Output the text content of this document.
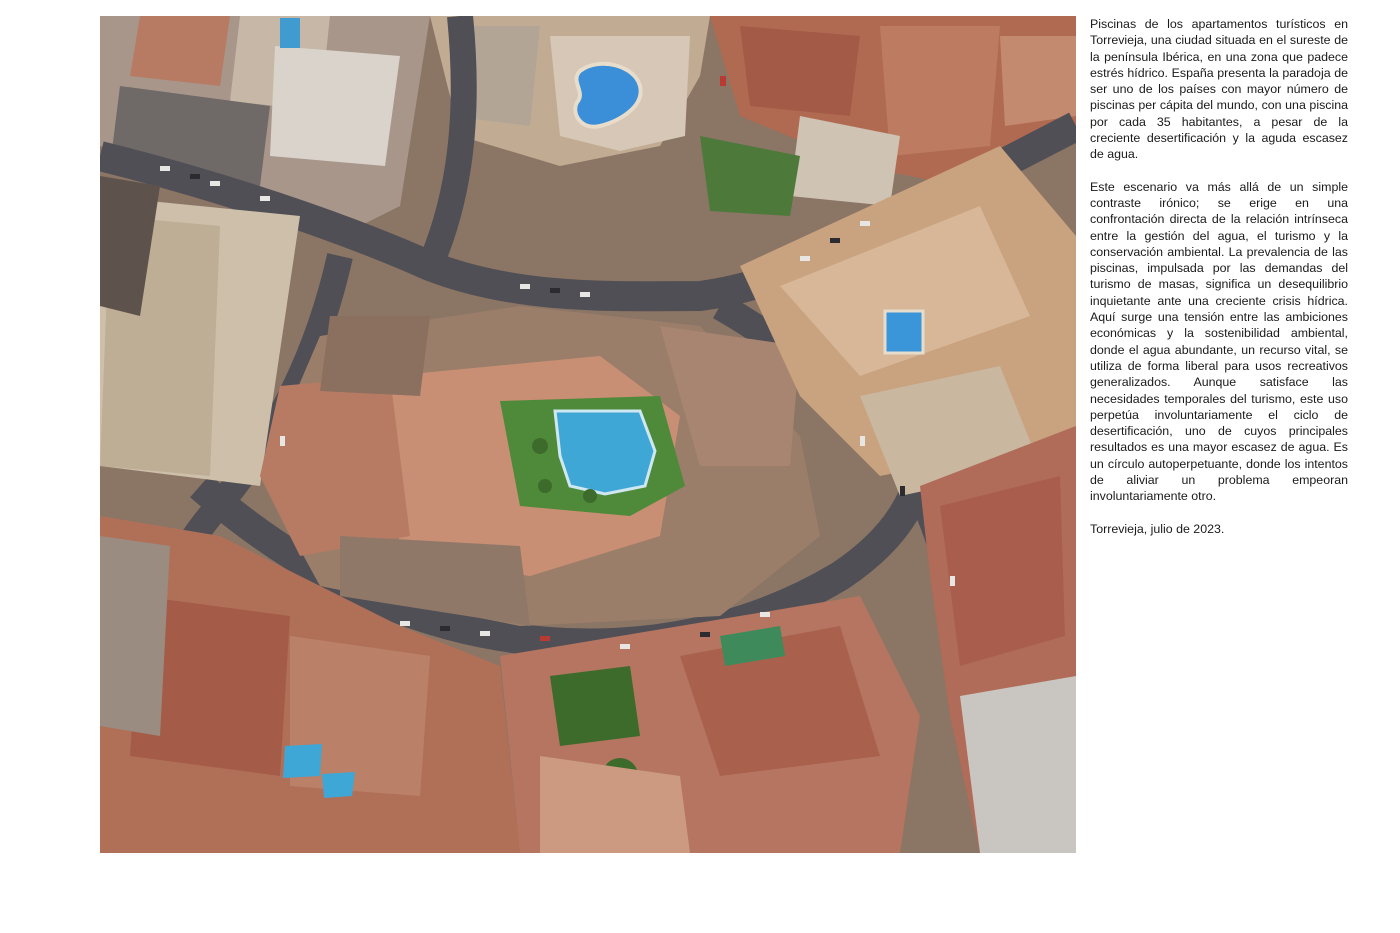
Piscinas de los apartamentos turísticos en Torrevieja, una ciudad situada en el sureste de la península Ibérica, en una zona que padece estrés hídrico. España presenta la paradoja de ser uno de los países con mayor número de piscinas per cápita del mundo, con una piscina por cada 35 habitantes, a pesar de la creciente desertificación y la aguda escasez de agua.

Este escenario va más allá de un simple contraste irónico; se erige en una confrontación directa de la relación intrínseca entre la gestión del agua, el turismo y la conservación ambiental. La prevalencia de las piscinas, impulsada por las demandas del turismo de masas, significa un desequilibrio inquietante ante una creciente crisis hídrica. Aquí surge una tensión entre las ambiciones económicas y la sostenibilidad ambiental, donde el agua abundante, un recurso vital, se utiliza de forma liberal para usos recreativos generalizados. Aunque satisface las necesidades temporales del turismo, este uso perpetúa involuntariamente el ciclo de desertificación, uno de cuyos principales resultados es una mayor escasez de agua. Es un círculo autoperpetuante, donde los intentos de aliviar un problema empeoran involuntariamente otro.

Torrevieja, julio de 2023.
